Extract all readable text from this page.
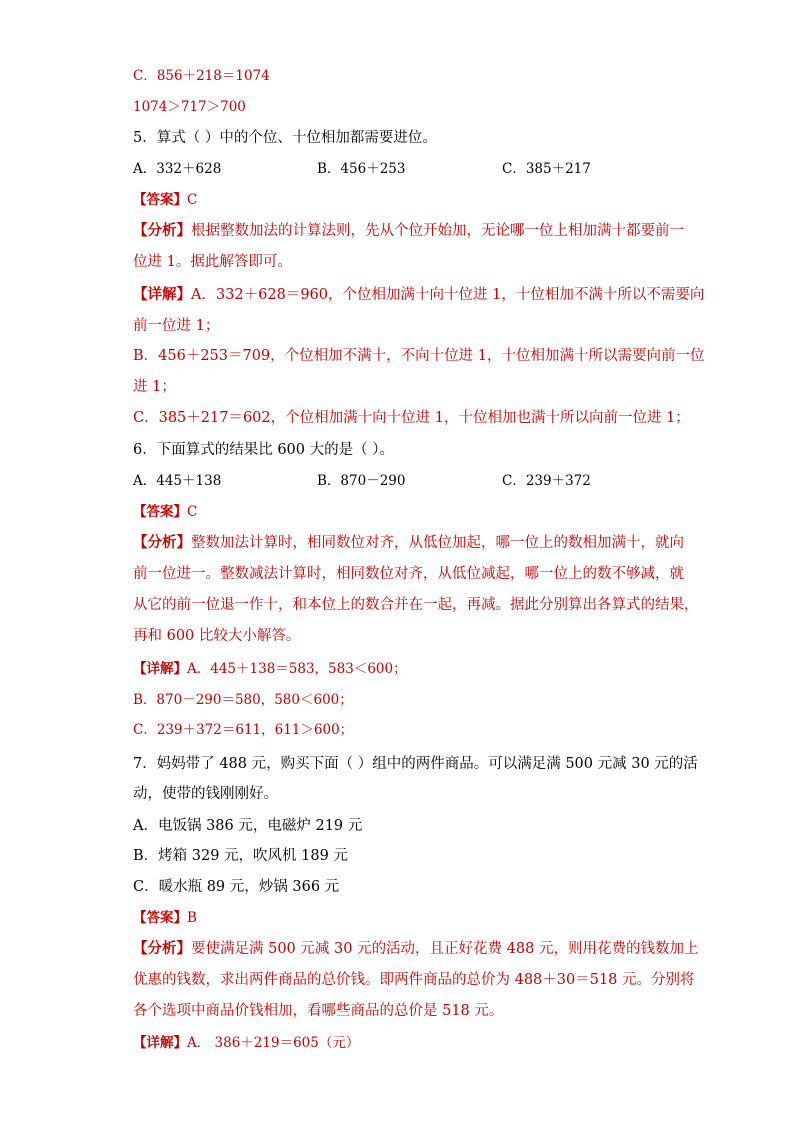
C．856＋218＝1074
1074＞717＞700
5．算式（ ）中的个位、十位相加都需要进位。
A．332＋628	B．456＋253	C．385＋217
【答案】C
【分析】根据整数加法的计算法则，先从个位开始加，无论哪一位上相加满十都要前一
位进 1。据此解答即可。
【详解】A．332＋628＝960，个位相加满十向十位进 1，十位相加不满十所以不需要向
前一位进 1；
B．456＋253＝709，个位相加不满十，不向十位进 1，十位相加满十所以需要向前一位
进 1；
C．385＋217＝602，个位相加满十向十位进 1，十位相加也满十所以向前一位进 1；
6．下面算式的结果比 600 大的是（ ）。
A．445＋138	B．870－290	C．239＋372
【答案】C
【分析】整数加法计算时，相同数位对齐，从低位加起，哪一位上的数相加满十，就向
前一位进一。整数减法计算时，相同数位对齐，从低位减起，哪一位上的数不够减，就
从它的前一位退一作十，和本位上的数合并在一起，再减。据此分别算出各算式的结果，
再和 600 比较大小解答。
【详解】A．445＋138＝583，583＜600；
B．870－290＝580，580＜600；
C．239＋372＝611，611＞600；
7．妈妈带了 488 元，购买下面（ ）组中的两件商品。可以满足满 500 元减 30 元的活
动，使带的钱刚刚好。
A．电饭锅 386 元，电磁炉 219 元
B．烤箱 329 元，吹风机 189 元
C．暖水瓶 89 元，炒锅 366 元
【答案】B
【分析】要使满足满 500 元减 30 元的活动，且正好花费 488 元，则用花费的钱数加上
优惠的钱数，求出两件商品的总价钱。即两件商品的总价为 488＋30＝518 元。分别将
各个选项中商品价钱相加，看哪些商品的总价是 518 元。
【详解】A． 386＋219＝605（元）
